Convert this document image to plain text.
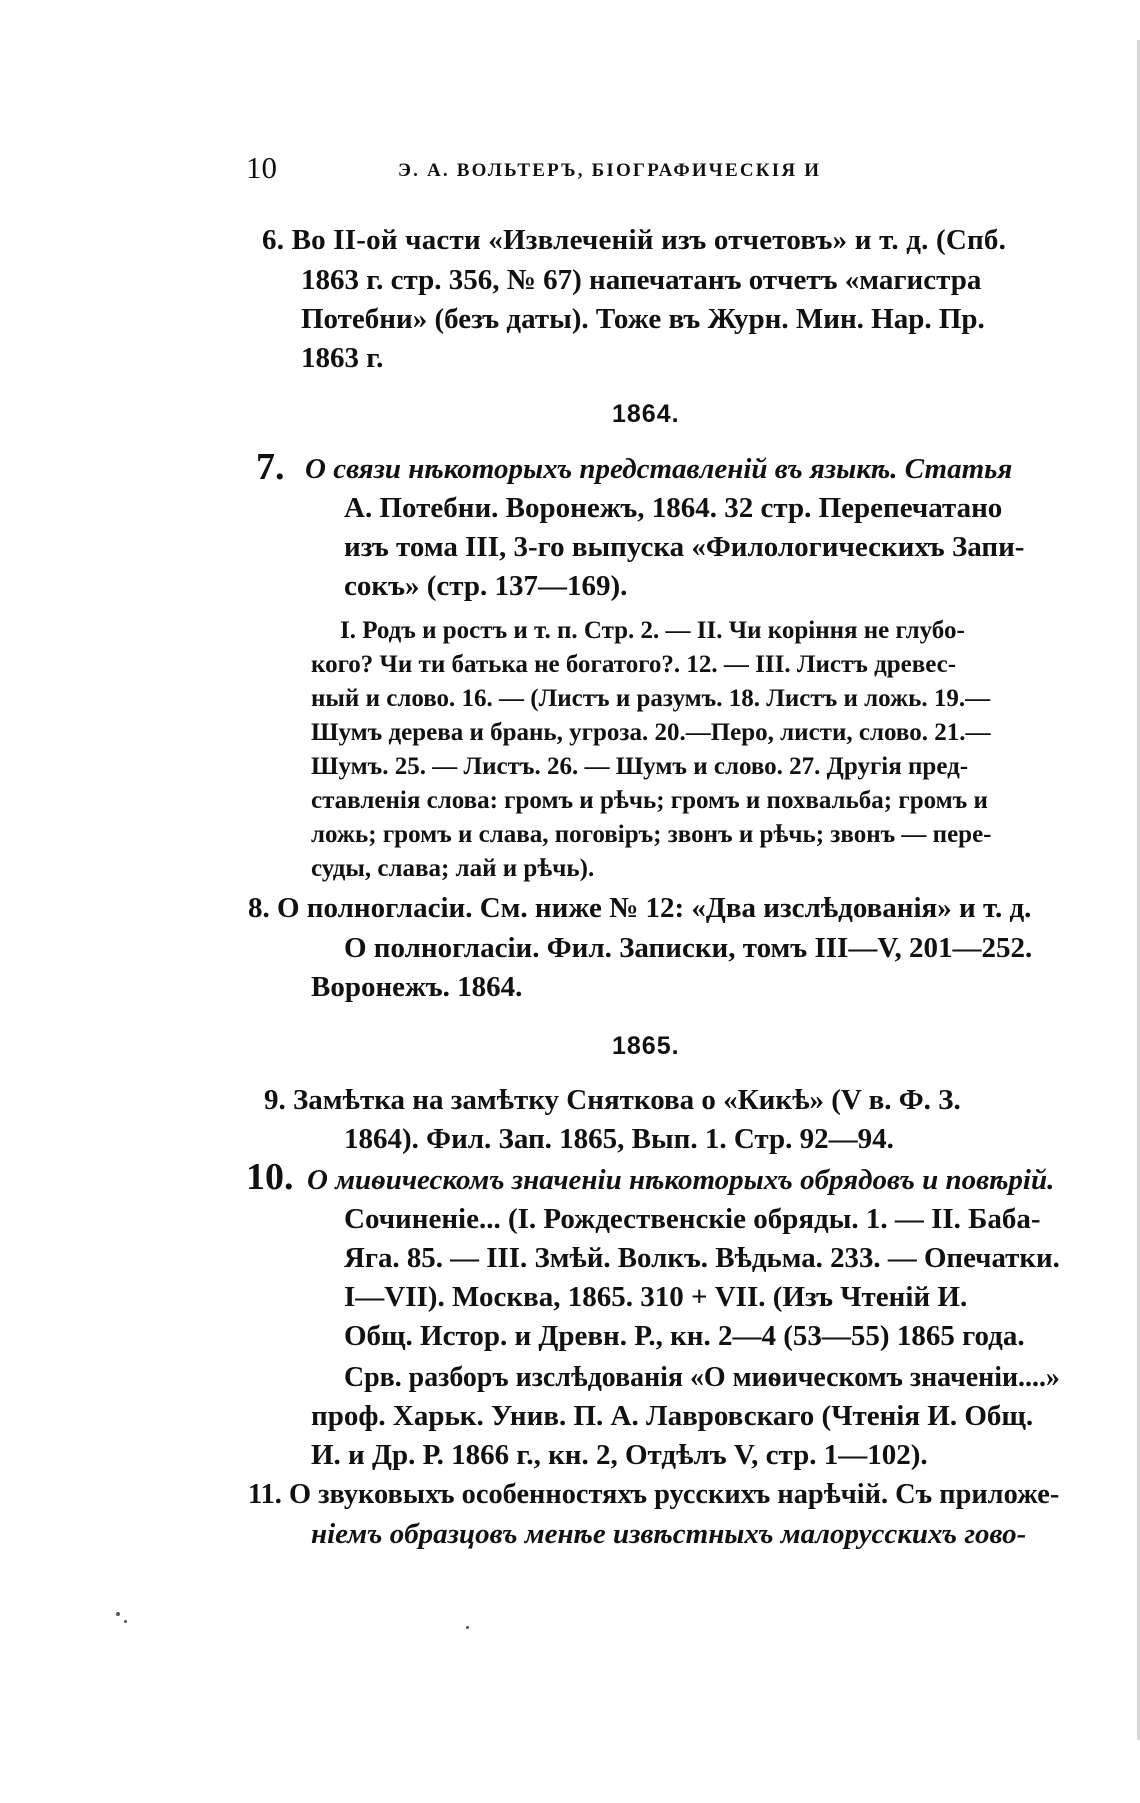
10	Э. А. ВОЛЬТЕРЪ, БIОГРАФИЧЕСКIЯ И
6. Во II-ой части «Извлеченiй изъ отчетовъ» и т. д. (Спб.
1863 г. стр. 356, № 67) напечатанъ отчетъ «магистра
Потебни» (безъ даты). Тоже въ Журн. Мин. Нар. Пр.
1863 г.
1864.
7. О связи нѣкоторыхъ представленiй въ языкѣ. Статья
А. Потебни. Воронежъ, 1864. 32 стр. Перепечатано
изъ тома III, 3-го выпуска «Филологическихъ Запи-
сокъ» (стр. 137—169).
I. Родъ и ростъ и т. п. Стр. 2. — II. Чи корiння не глубо-
кого? Чи ти батька не богатого?. 12. — III. Листъ древес-
ный и слово. 16. — (Листъ и разумъ. 18. Листъ и ложь. 19.—
Шумъ дерева и брань, угроза. 20.—Перо, листи, слово. 21.—
Шумъ. 25. — Листъ. 26. — Шумъ и слово. 27. Другiя пред-
ставленiя слова: громъ и рѣчь; громъ и похвальба; громъ и
ложь; громъ и слава, поговiръ; звонъ и рѣчь; звонъ — пере-
суды, слава; лай и рѣчь).
8. О полногласiи. См. ниже № 12: «Два изслѣдованiя» и т. д.
О полногласiи. Фил. Записки, томъ III—V, 201—252.
Воронежъ. 1864.
1865.
9. Замѣтка на замѣтку Сняткова о «Кикѣ» (V в. Ф. З.
1864). Фил. Зап. 1865, Вып. 1. Стр. 92—94.
10. О миѳическомъ значенiи нѣкоторыхъ обрядовъ и повѣрiй.
Сочиненiе... (I. Рождественскiе обряды. 1. — II. Баба-
Яга. 85. — III. Змѣй. Волкъ. Вѣдьма. 233. — Опечатки.
I—VII). Москва, 1865. 310 + VII. (Изъ Чтенiй И.
Общ. Истор. и Древн. Р., кн. 2—4 (53—55) 1865 года.
Срв. разборъ изслѣдованiя «О миѳическомъ значенiи....»
проф. Харьк. Унив. П. А. Лавровскаго (Чтенiя И. Общ.
И. и Др. Р. 1866 г., кн. 2, Отдѣлъ V, стр. 1—102).
11. О звуковыхъ особенностяхъ русскихъ нарѣчiй. Съ приложе-
нiемъ образцовъ менѣе извѣстныхъ малорусскихъ гово-
